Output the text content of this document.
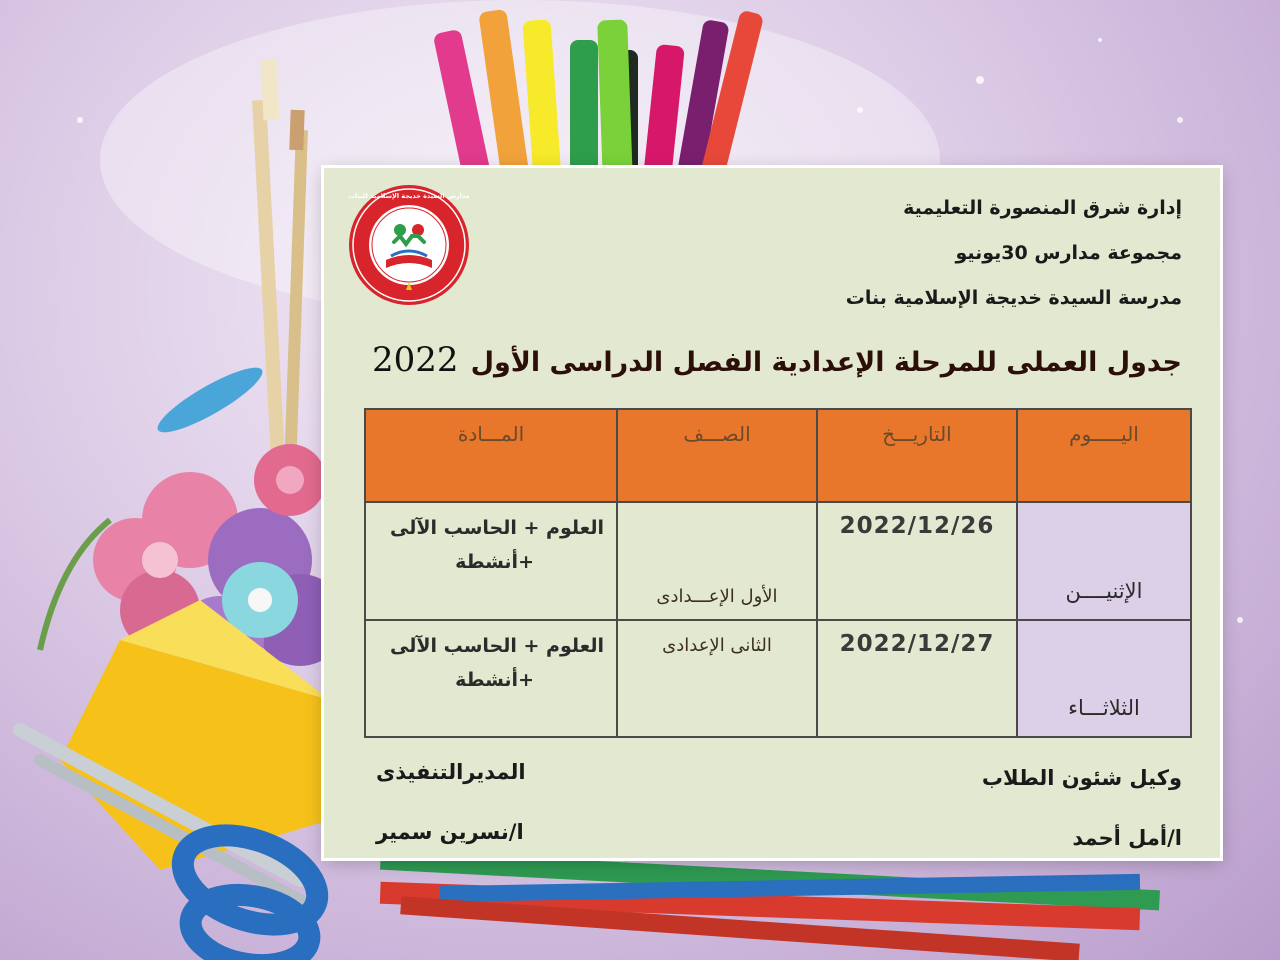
إدارة شرق المنصورة التعليمية
مجموعة مدارس 30يونيو
مدرسة السيدة خديجة الإسلامية بنات
مدارس السيدة خديجة الإسلامية للبنات
جدول العملى للمرحلة الإعدادية الفصل الدراسى الأول
2022
اليـــــوم	التاريـــخ	الصـــف	المـــادة
الإثنيــــن	2022/12/26	الأول الإعـــدادى	العلوم + الحاسب الآلى
+أنشطة

الثلاثـــاء	2022/12/27	الثانى الإعدادى	العلوم + الحاسب الآلى
+أنشطة
المديرالتنفيذى
ا/نسرين سمير
وكيل شئون الطلاب
ا/أمل أحمد
